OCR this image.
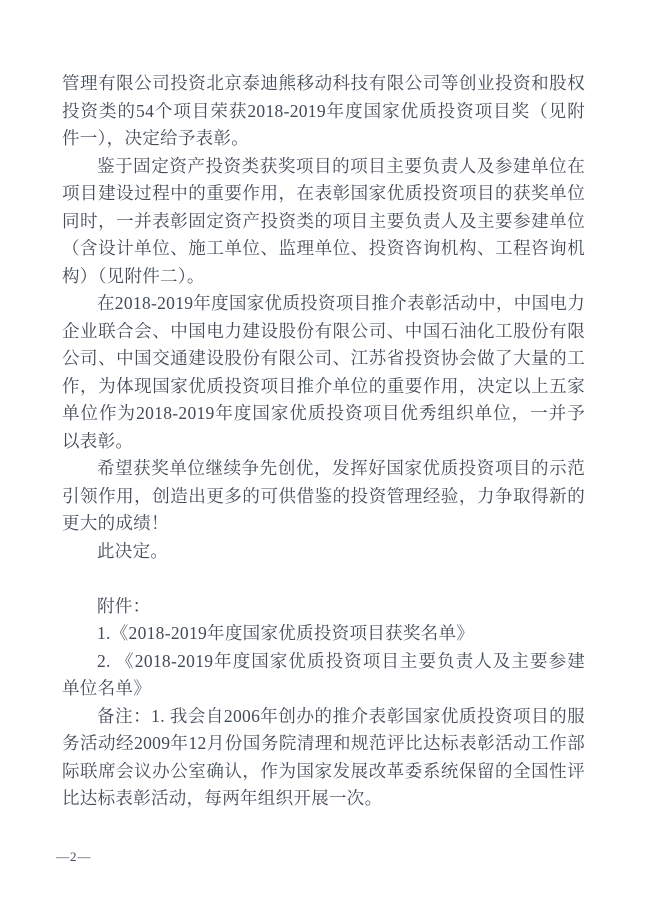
管理有限公司投资北京泰迪熊移动科技有限公司等创业投资和股权投资类的54个项目荣获2018-2019年度国家优质投资项目奖（见附件一），决定给予表彰。

鉴于固定资产投资类获奖项目的项目主要负责人及参建单位在项目建设过程中的重要作用，在表彰国家优质投资项目的获奖单位同时，一并表彰固定资产投资类的项目主要负责人及主要参建单位（含设计单位、施工单位、监理单位、投资咨询机构、工程咨询机构）（见附件二）。

在2018-2019年度国家优质投资项目推介表彰活动中，中国电力企业联合会、中国电力建设股份有限公司、中国石油化工股份有限公司、中国交通建设股份有限公司、江苏省投资协会做了大量的工作，为体现国家优质投资项目推介单位的重要作用，决定以上五家单位作为2018-2019年度国家优质投资项目优秀组织单位，一并予以表彰。

希望获奖单位继续争先创优，发挥好国家优质投资项目的示范引领作用，创造出更多的可供借鉴的投资管理经验，力争取得新的更大的成绩！

此决定。

附件：

1.《2018-2019年度国家优质投资项目获奖名单》

2. 《2018-2019年度国家优质投资项目主要负责人及主要参建单位名单》

备注：1. 我会自2006年创办的推介表彰国家优质投资项目的服务活动经2009年12月份国务院清理和规范评比达标表彰活动工作部际联席会议办公室确认，作为国家发展改革委系统保留的全国性评比达标表彰活动，每两年组织开展一次。

—2—
